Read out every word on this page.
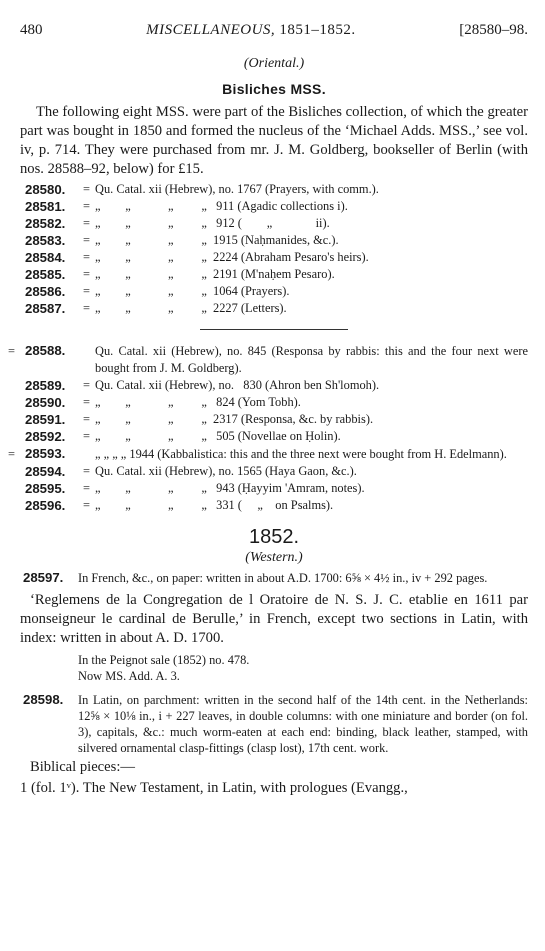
480	MISCELLANEOUS, 1851–1852.	[28580–98.
(Oriental.)
Bisliches MSS.
The following eight MSS. were part of the Bisliches collection, of which the greater part was bought in 1850 and formed the nucleus of the ‘Michael Adds. MSS.,’ see vol. iv, p. 714. They were purchased from mr. J. M. Goldberg, bookseller of Berlin (with nos. 28588–92, below) for £15.
28580.	= Qu. Catal. xii (Hebrew), no. 1767 (Prayers, with comm.).
28581.	= „        „            „         „   911 (Agadic collections i).
28582.	= „        „            „         „   912 (        „              ii).
28583.	= „        „            „         „  1915 (Naḥmanides, &c.).
28584.	= „        „            „         „  2224 (Abraham Pesaro's heirs).
28585.	= „        „            „         „  2191 (M'naḥem Pesaro).
28586.	= „        „            „         „  1064 (Prayers).
28587.	= „        „            „         „  2227 (Letters).
28588.=	Qu. Catal. xii (Hebrew), no. 845 (Responsa by rabbis: this and the four next were bought from J. M. Goldberg).
28589.	= Qu. Catal. xii (Hebrew), no.   830 (Ahron ben Sh'lomoh).
28590.	= „        „            „         „   824 (Yom Tobh).
28591.	= „        „            „         „  2317 (Responsa, &c. by rabbis).
28592.	= „        „            „         „   505 (Novellae on Ḥolin).
28593.=	„ „ „ „ 1944 (Kabbalistica: this and the three next were bought from H. Edelmann).
28594.	= Qu. Catal. xii (Hebrew), no. 1565 (Haya Gaon, &c.).
28595.	= „        „            „         „   943 (Ḥayyim 'Amram, notes).
28596.	= „        „            „         „   331 (     „    on Psalms).
1852.
(Western.)
28597. In French, &c., on paper: written in about A.D. 1700: 6⅝ × 4½ in., iv + 292 pages.
‘Reglemens de la Congregation de l Oratoire de N. S. J. C. etablie en 1611 par monseigneur le cardinal de Berulle,’ in French, except two sections in Latin, with index: written in about A. D. 1700.
In the Peignot sale (1852) no. 478.
Now MS. Add. A. 3.
28598. In Latin, on parchment: written in the second half of the 14th cent. in the Netherlands: 12⅝ × 10⅛ in., i + 227 leaves, in double columns: with one miniature and border (on fol. 3), capitals, &c.: much worm-eaten at each end: binding, black leather, stamped, with silvered ornamental clasp-fittings (clasp lost), 17th cent. work.
Biblical pieces:—
1 (fol. 1ᵛ). The New Testament, in Latin, with prologues (Evangg.,
